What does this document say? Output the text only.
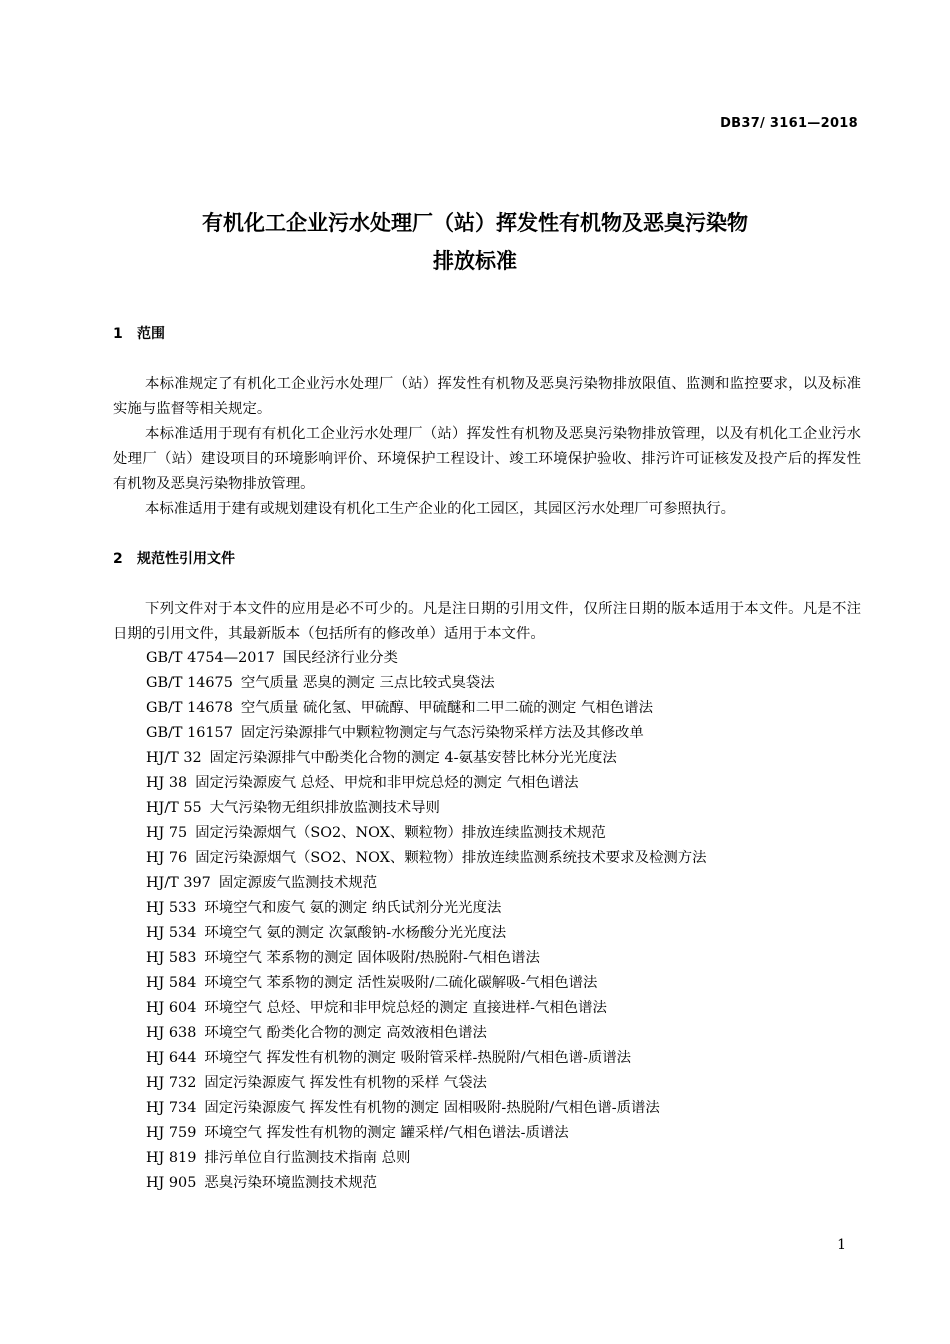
DB37/ 3161—2018
有机化工企业污水处理厂（站）挥发性有机物及恶臭污染物
排放标准
1 范围

本标准规定了有机化工企业污水处理厂（站）挥发性有机物及恶臭污染物排放限值、监测和监控要求，以及标准实施与监督等相关规定。

本标准适用于现有有机化工企业污水处理厂（站）挥发性有机物及恶臭污染物排放管理，以及有机化工企业污水处理厂（站）建设项目的环境影响评价、环境保护工程设计、竣工环境保护验收、排污许可证核发及投产后的挥发性有机物及恶臭污染物排放管理。

本标准适用于建有或规划建设有机化工生产企业的化工园区，其园区污水处理厂可参照执行。

2 规范性引用文件

下列文件对于本文件的应用是必不可少的。凡是注日期的引用文件，仅所注日期的版本适用于本文件。凡是不注日期的引用文件，其最新版本（包括所有的修改单）适用于本文件。

GB/T 4754—2017 国民经济行业分类
GB/T 14675 空气质量 恶臭的测定 三点比较式臭袋法
GB/T 14678 空气质量 硫化氢、甲硫醇、甲硫醚和二甲二硫的测定 气相色谱法
GB/T 16157 固定污染源排气中颗粒物测定与气态污染物采样方法及其修改单
HJ/T 32 固定污染源排气中酚类化合物的测定 4-氨基安替比林分光光度法
HJ 38 固定污染源废气 总烃、甲烷和非甲烷总烃的测定 气相色谱法
HJ/T 55 大气污染物无组织排放监测技术导则
HJ 75 固定污染源烟气（SO2、NOX、颗粒物）排放连续监测技术规范
HJ 76 固定污染源烟气（SO2、NOX、颗粒物）排放连续监测系统技术要求及检测方法
HJ/T 397 固定源废气监测技术规范
HJ 533 环境空气和废气 氨的测定 纳氏试剂分光光度法
HJ 534 环境空气 氨的测定 次氯酸钠-水杨酸分光光度法
HJ 583 环境空气 苯系物的测定 固体吸附/热脱附-气相色谱法
HJ 584 环境空气 苯系物的测定 活性炭吸附/二硫化碳解吸-气相色谱法
HJ 604 环境空气 总烃、甲烷和非甲烷总烃的测定 直接进样-气相色谱法
HJ 638 环境空气 酚类化合物的测定 高效液相色谱法
HJ 644 环境空气 挥发性有机物的测定 吸附管采样-热脱附/气相色谱-质谱法
HJ 732 固定污染源废气 挥发性有机物的采样 气袋法
HJ 734 固定污染源废气 挥发性有机物的测定 固相吸附-热脱附/气相色谱-质谱法
HJ 759 环境空气 挥发性有机物的测定 罐采样/气相色谱法-质谱法
HJ 819 排污单位自行监测技术指南 总则
HJ 905 恶臭污染环境监测技术规范
1
